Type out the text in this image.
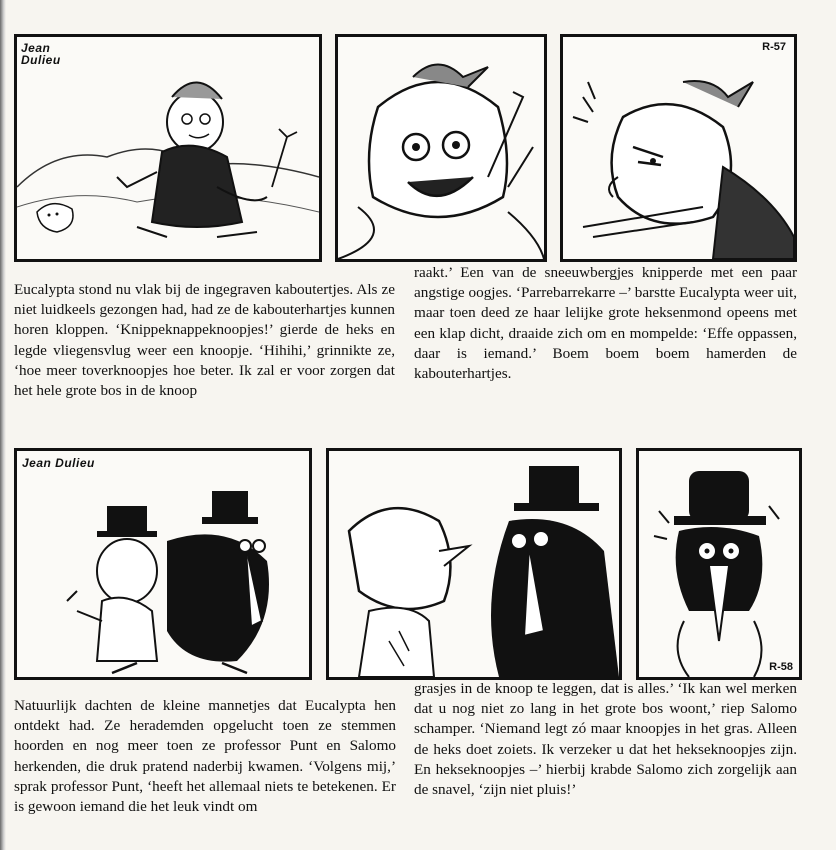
Jean
Dulieu
R-57

Eucalypta stond nu vlak bij de ingegraven kaboutertjes. Als ze niet luidkeels gezongen had, had ze de kabouterhartjes kunnen horen kloppen. ‘Knippeknappeknoopjes!’ gierde de heks en legde vliegensvlug weer een knoopje. ‘Hihihi,’ grinnikte ze, ‘hoe meer toverknoopjes hoe beter. Ik zal er voor zorgen dat het hele grote bos in de knoop

raakt.’ Een van de sneeuwbergjes knipperde met een paar angstige oogjes. ‘Parrebarrekarre –’ barstte Eucalypta weer uit, maar toen deed ze haar lelijke grote heksenmond opeens met een klap dicht, draaide zich om en mompelde: ‘Effe oppassen, daar is iemand.’ Boem boem boem hamerden de kabouterhartjes.

Jean Dulieu
R-58

Natuurlijk dachten de kleine mannetjes dat Eucalypta hen ontdekt had. Ze herademden opgelucht toen ze stemmen hoorden en nog meer toen ze professor Punt en Salomo herkenden, die druk pratend naderbij kwamen. ‘Volgens mij,’ sprak professor Punt, ‘heeft het allemaal niets te betekenen. Er is gewoon iemand die het leuk vindt om

grasjes in de knoop te leggen, dat is alles.’ ‘Ik kan wel merken dat u nog niet zo lang in het grote bos woont,’ riep Salomo schamper. ‘Niemand legt zó maar knoopjes in het gras. Alleen de heks doet zoiets. Ik verzeker u dat het hekseknoopjes zijn. En hekseknoopjes –’ hierbij krabde Salomo zich zorgelijk aan de snavel, ‘zijn niet pluis!’
